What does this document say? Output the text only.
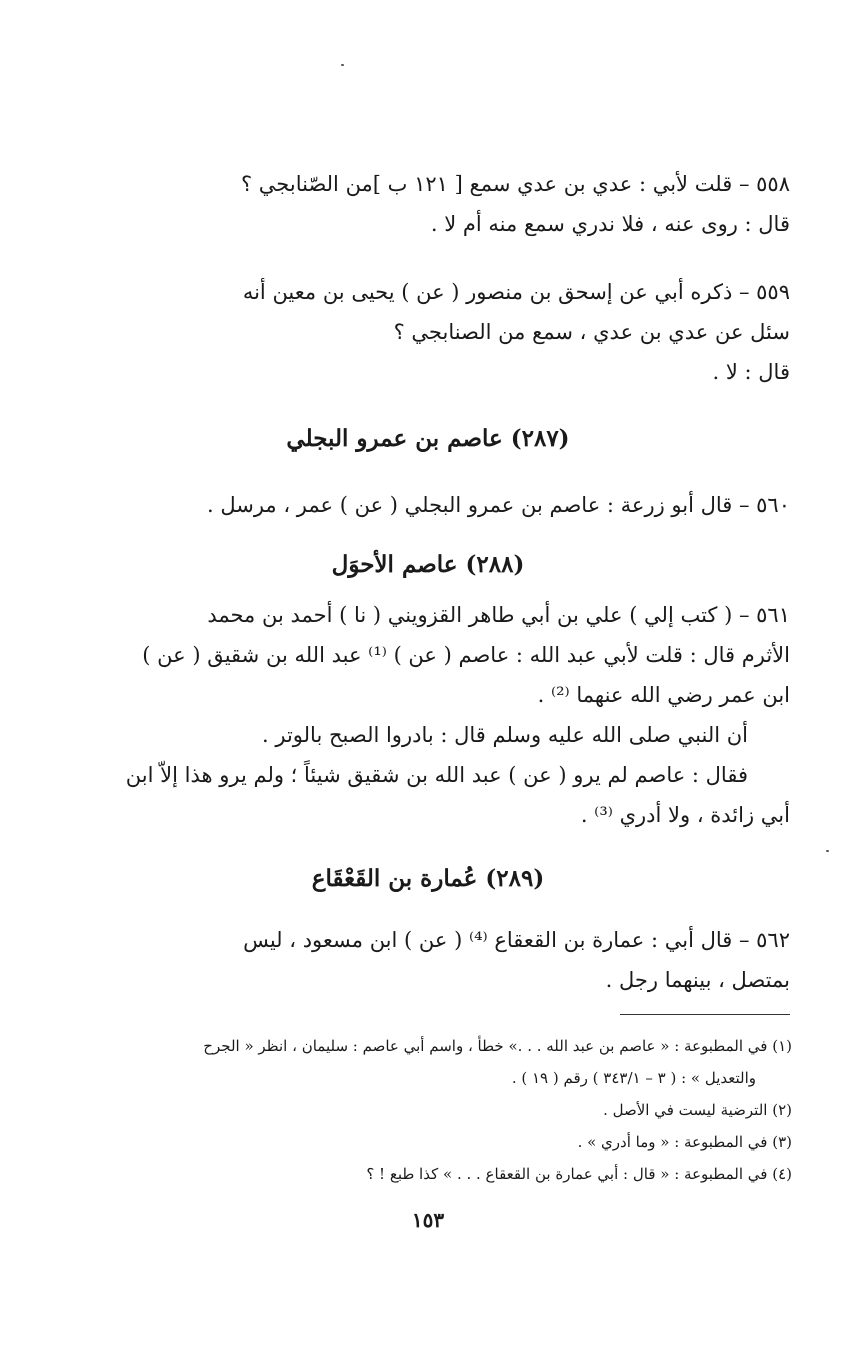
٥٥٨ – قلت لأبي : عدي بن عدي سمع [ ١٢١ ب ]من الصّنابجي ؟
قال : روى عنه ، فلا ندري سمع منه أم لا .
٥٥٩ – ذكره أبي عن إسحق بن منصور ( عن ) يحيى بن معين أنه
سئل عن عدي بن عدي ، سمع من الصنابجي ؟
قال : لا .
(٢٨٧) عاصم بن عمرو البجلي
٥٦٠ – قال أبو زرعة : عاصم بن عمرو البجلي ( عن ) عمر ، مرسل .
(٢٨٨) عاصم الأحوَل
٥٦١ – ( كتب إلي ) علي بن أبي طاهر القزويني ( نا ) أحمد بن محمد
الأثرم قال : قلت لأبي عبد الله : عاصم ( عن ) ⁽¹⁾ عبد الله بن شقيق ( عن )
ابن عمر رضي الله عنهما ⁽²⁾ .
أن النبي صلى الله عليه وسلم قال : بادروا الصبح بالوتر .
فقال : عاصم لم يرو ( عن ) عبد الله بن شقيق شيئاً ؛ ولم يرو هذا إلاّ ابن
أبي زائدة ، ولا أدري ⁽³⁾ .
(٢٨٩) عُمارة بن القَعْقَاع
٥٦٢ – قال أبي : عمارة بن القعقاع ⁽⁴⁾ ( عن ) ابن مسعود ، ليس
بمتصل ، بينهما رجل .
(١) في المطبوعة : « عاصم بن عبد الله . . .» خطأ ، واسم أبي عاصم : سليمان ، انظر « الجرح
والتعديل » : ( ٣ – ٣٤٣/١ ) رقم ( ١٩ ) .
(٢) الترضية ليست في الأصل .
(٣) في المطبوعة : « وما أدري » .
(٤) في المطبوعة : « قال : أبي عمارة بن القعقاع . . . » كذا طبع ! ؟
١٥٣
